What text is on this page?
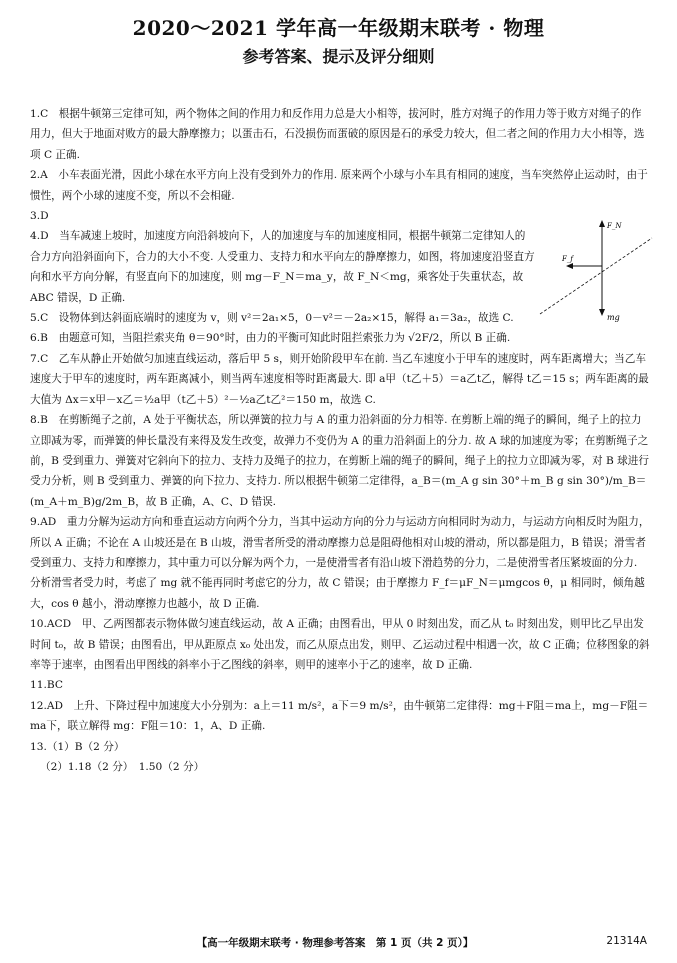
2020～2021 学年高一年级期末联考 · 物理
参考答案、提示及评分细则

1.C　根据牛顿第三定律可知，两个物体之间的作用力和反作用力总是大小相等，拔河时，胜方对绳子的作用力等于败方对绳子的作用力，但大于地面对败方的最大静摩擦力；以蛋击石，石没损伤而蛋破的原因是石的承受力较大，但二者之间的作用力大小相等，选项 C 正确.

2.A　小车表面光滑，因此小球在水平方向上没有受到外力的作用. 原来两个小球与小车具有相同的速度，当车突然停止运动时，由于惯性，两个小球的速度不变，所以不会相碰.

3.D

4.D　当车减速上坡时，加速度方向沿斜坡向下，人的加速度与车的加速度相同，根据牛顿第二定律知人的合力方向沿斜面向下，合力的大小不变. 人受重力、支持力和水平向左的静摩擦力，如图，将加速度沿竖直方向和水平方向分解，有竖直向下的加速度，则 mg－F_N＝ma_y，故 F_N＜mg，乘客处于失重状态，故 ABC 错误，D 正确.

5.C　设物体到达斜面底端时的速度为 v，则 v²＝2a₁×5，0－v²＝－2a₂×15，解得 a₁＝3a₂，故选 C.

6.B　由题意可知，当阻拦索夹角 θ＝90°时，由力的平衡可知此时阻拦索张力为 √2F/2，所以 B 正确.

7.C　乙车从静止开始做匀加速直线运动，落后甲 5 s，则开始阶段甲车在前. 当乙车速度小于甲车的速度时，两车距离增大；当乙车速度大于甲车的速度时，两车距离减小，则当两车速度相等时距离最大. 即 a甲（t乙＋5）＝a乙t乙，解得 t乙＝15 s；两车距离的最大值为 Δx＝x甲－x乙＝½a甲（t乙＋5）²－½a乙t乙²＝150 m，故选 C.

8.B　在剪断绳子之前，A 处于平衡状态，所以弹簧的拉力与 A 的重力沿斜面的分力相等. 在剪断上端的绳子的瞬间，绳子上的拉力立即减为零，而弹簧的伸长量没有来得及发生改变，故弹力不变仍为 A 的重力沿斜面上的分力. 故 A 球的加速度为零；在剪断绳子之前，B 受到重力、弹簧对它斜向下的拉力、支持力及绳子的拉力，在剪断上端的绳子的瞬间，绳子上的拉力立即减为零，对 B 球进行受力分析，则 B 受到重力、弹簧的向下拉力、支持力. 所以根据牛顿第二定律得，a_B＝(m_A g sin 30°＋m_B g sin 30°)/m_B＝(m_A＋m_B)g/2m_B，故 B 正确，A、C、D 错误.

9.AD　重力分解为运动方向和垂直运动方向两个分力，当其中运动方向的分力与运动方向相同时为动力，与运动方向相反时为阻力，所以 A 正确；不论在 A 山坡还是在 B 山坡，滑雪者所受的滑动摩擦力总是阻碍他相对山坡的滑动，所以都是阻力，B 错误；滑雪者受到重力、支持力和摩擦力，其中重力可以分解为两个力，一是使滑雪者有沿山坡下滑趋势的分力，二是使滑雪者压紧坡面的分力. 分析滑雪者受力时，考虑了 mg 就不能再同时考虑它的分力，故 C 错误；由于摩擦力 F_f＝μF_N＝μmgcos θ，μ 相同时，倾角越大，cos θ 越小，滑动摩擦力也越小，故 D 正确.

10.ACD　甲、乙两图都表示物体做匀速直线运动，故 A 正确；由图看出，甲从 0 时刻出发，而乙从 t₀ 时刻出发，则甲比乙早出发时间 t₀，故 B 错误；由图看出，甲从距原点 x₀ 处出发，而乙从原点出发，则甲、乙运动过程中相遇一次，故 C 正确；位移图象的斜率等于速率，由图看出甲图线的斜率小于乙图线的斜率，则甲的速率小于乙的速率，故 D 正确.

11.BC

12.AD　上升、下降过程中加速度大小分别为：a上＝11 m/s²，a下＝9 m/s²，由牛顿第二定律得：mg＋F阻＝ma上，mg－F阻＝ma下，联立解得 mg：F阻＝10：1，A、D 正确.

13.（1）B（2 分）

（2）1.18（2 分）　1.50（2 分）

F_N
F_f
mg
【高一年级期末联考 · 物理参考答案　第 1 页（共 2 页）】	21314A
